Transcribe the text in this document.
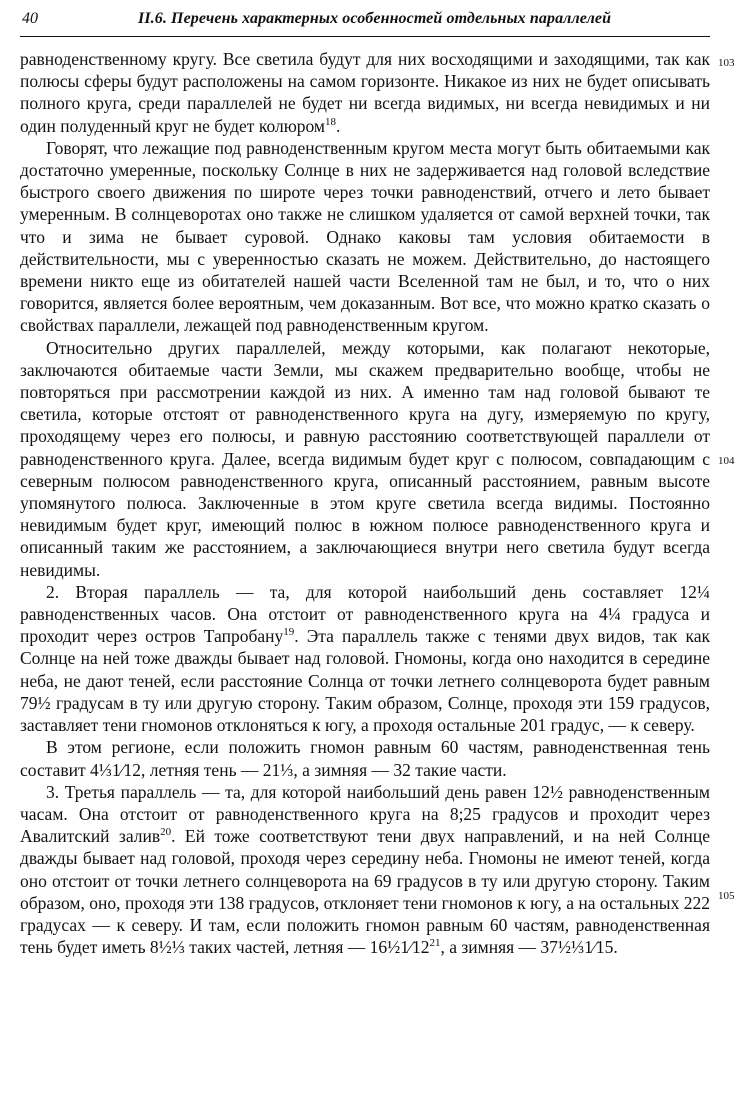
40	II.6. Перечень характерных особенностей отдельных параллелей
103
104
105

равноденственному кругу. Все светила будут для них восходящими и заходящими, так как полюсы сферы будут расположены на самом горизонте. Никакое из них не будет описывать полного круга, среди параллелей не будет ни всегда видимых, ни всегда невидимых и ни один полуденный круг не будет колюром$^{18}$.

Говорят, что лежащие под равноденственным кругом места могут быть обитаемыми как достаточно умеренные, поскольку Солнце в них не задерживается над головой вследствие быстрого своего движения по широте через точки равноденствий, отчего и лето бывает умеренным. В солнцеворотах оно также не слишком удаляется от самой верхней точки, так что и зима не бывает суровой. Однако каковы там условия обитаемости в действительности, мы с уверенностью сказать не можем. Действительно, до настоящего времени никто еще из обитателей нашей части Вселенной там не был, и то, что о них говорится, является более вероятным, чем доказанным. Вот все, что можно кратко сказать о свойствах параллели, лежащей под равноденственным кругом.

Относительно других параллелей, между которыми, как полагают некоторые, заключаются обитаемые части Земли, мы скажем предварительно вообще, чтобы не повторяться при рассмотрении каждой из них. А именно там над головой бывают те светила, которые отстоят от равноденственного круга на дугу, измеряемую по кругу, проходящему через его полюсы, и равную расстоянию соответствующей параллели от равноденственного круга. Далее, всегда видимым будет круг с полюсом, совпадающим с северным полюсом равноденственного круга, описанный расстоянием, равным высоте упомянутого полюса. Заключенные в этом круге светила всегда видимы. Постоянно невидимым будет круг, имеющий полюс в южном полюсе равноденственного круга и описанный таким же расстоянием, а заключающиеся внутри него светила будут всегда невидимы.

2. Вторая параллель — та, для которой наибольший день составляет 12¼ равноденственных часов. Она отстоит от равноденственного круга на 4¼ градуса и проходит через остров Тапробану$^{19}$. Эта параллель также с тенями двух видов, так как Солнце на ней тоже дважды бывает над головой. Гномоны, когда оно находится в середине неба, не дают теней, если расстояние Солнца от точки летнего солнцеворота будет равным 79½ градусам в ту или другую сторону. Таким образом, Солнце, проходя эти 159 градусов, заставляет тени гномонов отклоняться к югу, а проходя остальные 201 градус, — к северу.

В этом регионе, если положить гномон равным 60 частям, равноденственная тень составит 4⅓1⁄12, летняя тень — 21⅓, а зимняя — 32 такие части.

3. Третья параллель — та, для которой наибольший день равен 12½ равноденственным часам. Она отстоит от равноденственного круга на 8;25 градусов и проходит через Авалитский залив$^{20}$. Ей тоже соответствуют тени двух направлений, и на ней Солнце дважды бывает над головой, проходя через середину неба. Гномоны не имеют теней, когда оно отстоит от точки летнего солнцеворота на 69 градусов в ту или другую сторону. Таким образом, оно, проходя эти 138 градусов, отклоняет тени гномонов к югу, а на остальных 222 градусах — к северу. И там, если положить гномон равным 60 частям, равноденственная тень будет иметь 8½⅓ таких частей, летняя — $16\frac{1}{2}1⁄12^{21}$, а зимняя — 37½⅓1⁄15.
